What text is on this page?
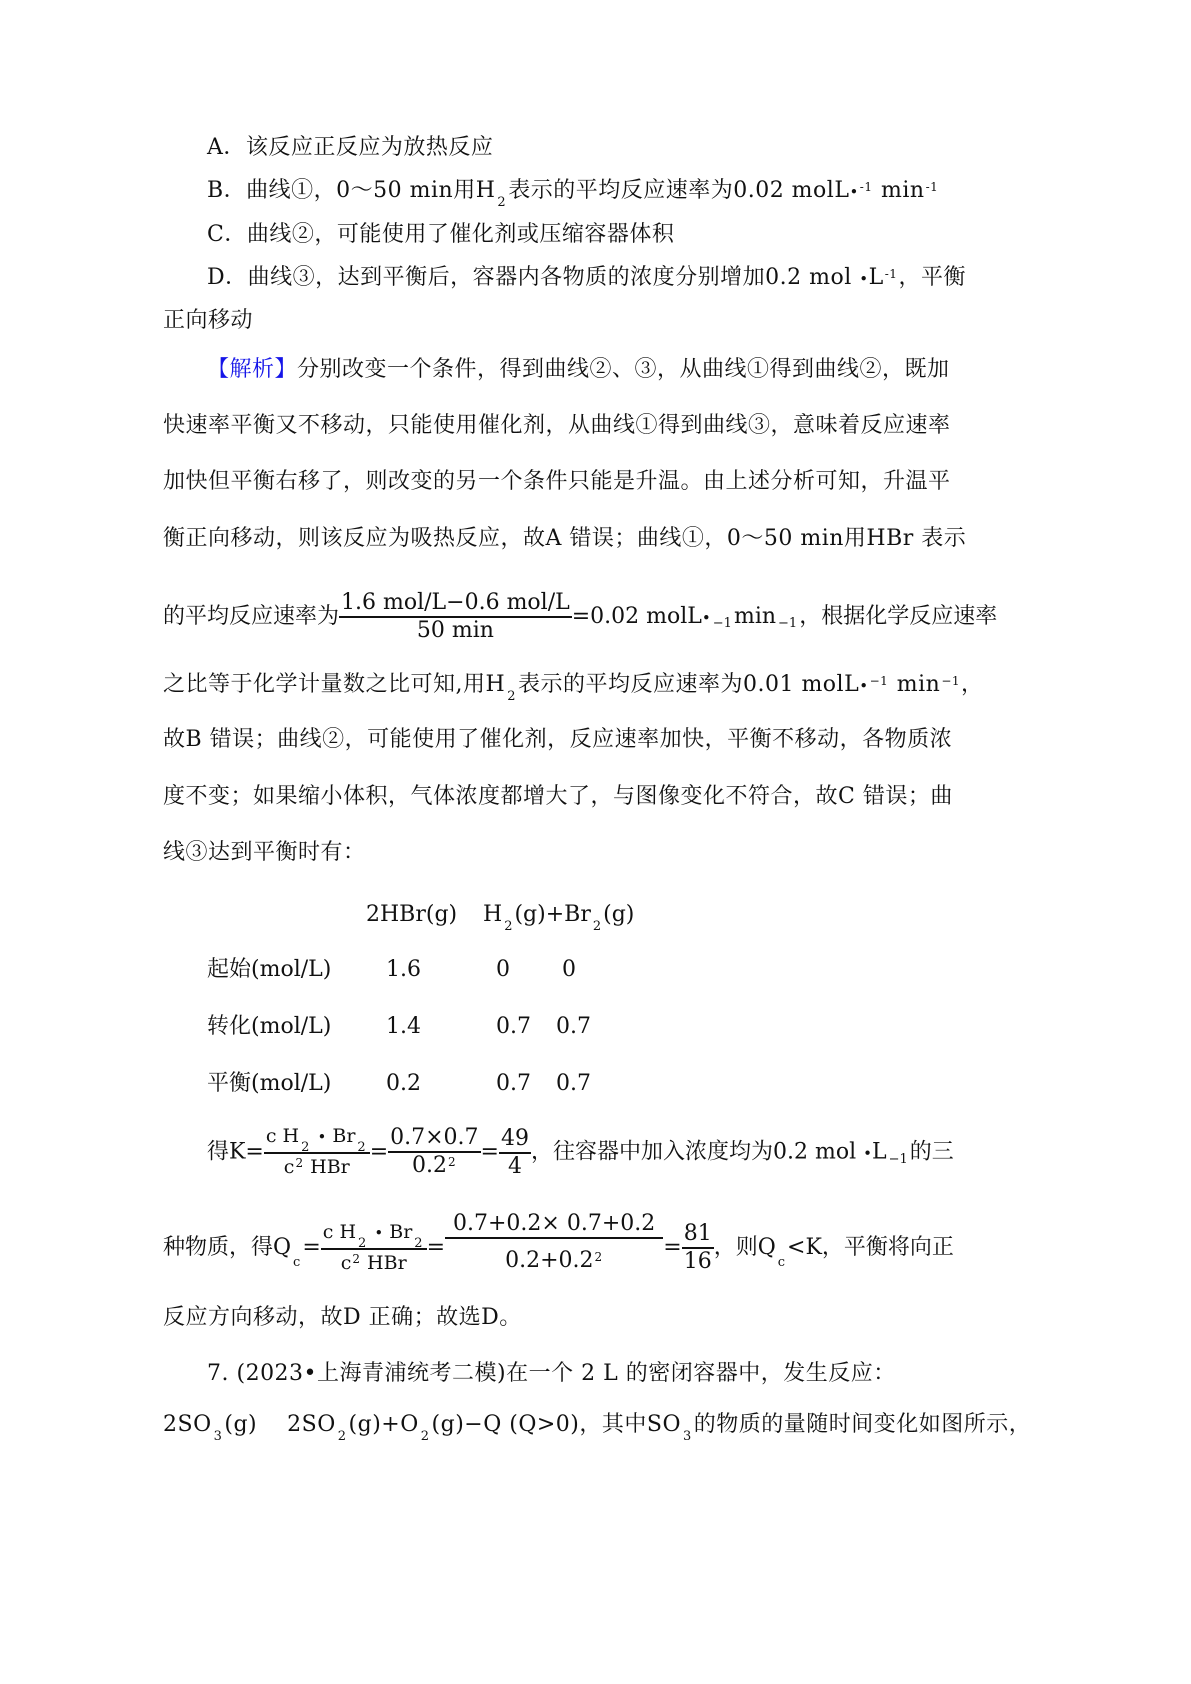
A．该反应正反应为放热反应
B．曲线①，0～50 min用H $_2$表示的平均反应速率为0.02 molL•$^{-1}$ $\min^{-1}$
C．曲线②，可能使用了催化剂或压缩容器体积
D．曲线③，达到平衡后，容器内各物质的浓度分别增加0.2 mol $•L^{-1}$，平衡
正向移动
【解析】分别改变一个条件，得到曲线②、③，从曲线①得到曲线②，既加
快速率平衡又不移动，只能使用催化剂，从曲线①得到曲线③，意味着反应速率
加快但平衡右移了，则改变的另一个条件只能是升温。由上述分析可知，升温平
衡正向移动，则该反应为吸热反应，故A 错误；曲线①，0～50 min用HBr 表示
的平均反应速率为 $\frac{\text{1.6 mol/L−0.6 mol/L}}{50 \min} =0.02$ molL• −1min −1，根据化学反应速率
之比等于化学计量数之比可知,用H $_2$表示的平均反应速率为0.01 molL•$^{-1}$ $\min^{-1}$，
故B 错误；曲线②，可能使用了催化剂，反应速率加快，平衡不移动，各物质浓
度不变；如果缩小体积，气体浓度都增大了，与图像变化不符合，故C 错误；曲
线③达到平衡时有：
2HBr(g) H $_2$(g)+Br $_2$(g)
起始(mol/L) 1.6	0 0
转化(mol/L) 1.4	0.7 0.7
平衡(mol/L) 0.2	0.7 0.7
得$K= \frac{c H_2 • Br_2}{c^2 HBr} = \frac{0.7\times 0.7}{0.2^2} = \frac{49}{4}$ ，往容器中加入浓度均为0.2 mol •L −1的三
种物质，得$Q_c= \frac{c H_2 • Br_2}{c^2 HBr} = \frac{0.7+0.2\times 0.7+0.2}{0.2+0.2^2} = \frac{81}{16}$ ，则$Q_c<K$，平衡将向正
反应方向移动，故D 正确；故选D。
7. (2023•上海青浦统考二模)在一个 2 L 的密闭容器中，发生反应：
2SO $_3$(g) 2SO $_2$(g)+O $_2$(g)−Q (Q>0)，其中SO $_3$的物质的量随时间变化如图所示，
